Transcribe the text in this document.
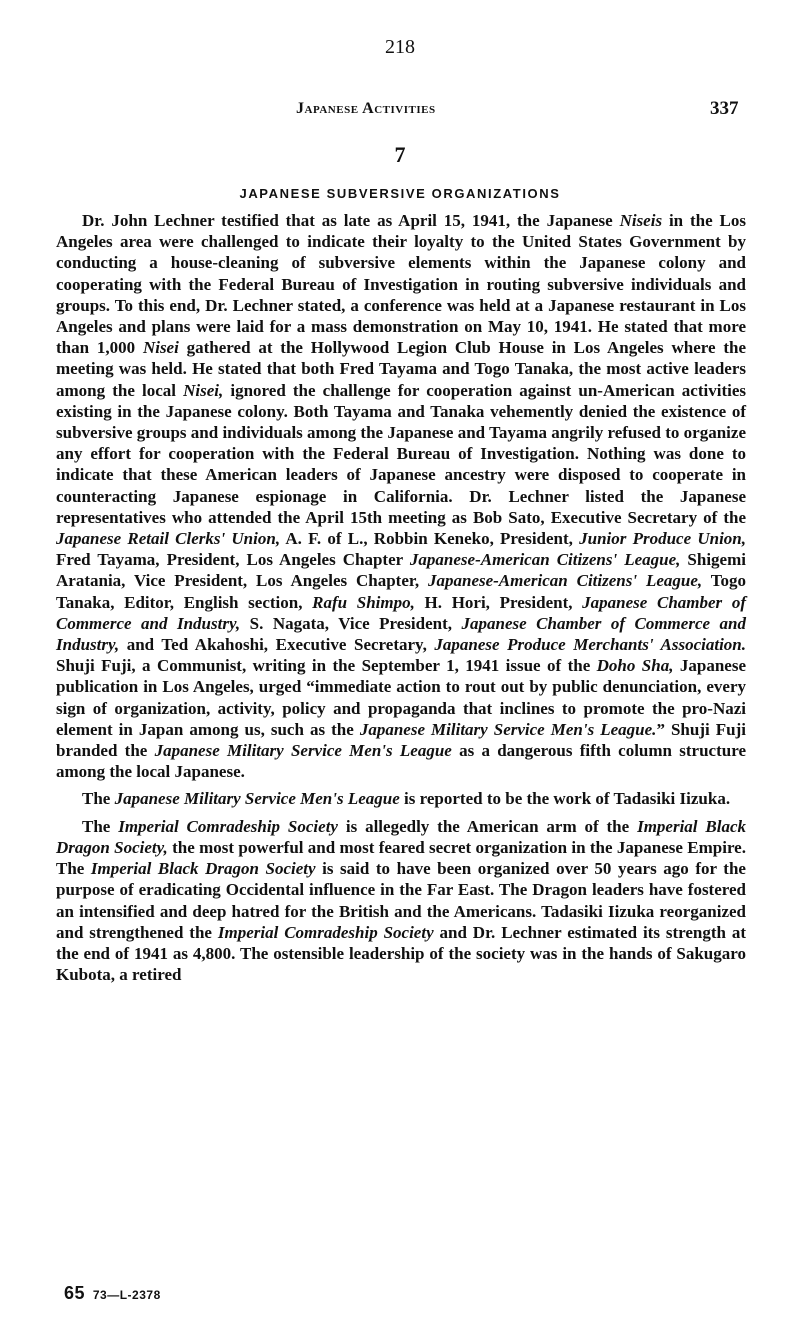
218
Japanese Activities	337
7
JAPANESE SUBVERSIVE ORGANIZATIONS

Dr. John Lechner testified that as late as April 15, 1941, the Japanese Niseis in the Los Angeles area were challenged to indicate their loyalty to the United States Government by conducting a house-cleaning of subversive elements within the Japanese colony and cooperating with the Federal Bureau of Investigation in routing subversive individuals and groups. To this end, Dr. Lechner stated, a conference was held at a Japanese restaurant in Los Angeles and plans were laid for a mass demonstration on May 10, 1941. He stated that more than 1,000 Nisei gathered at the Hollywood Legion Club House in Los Angeles where the meeting was held. He stated that both Fred Tayama and Togo Tanaka, the most active leaders among the local Nisei, ignored the challenge for cooperation against un-American activities existing in the Japanese colony. Both Tayama and Tanaka vehemently denied the existence of subversive groups and individuals among the Japanese and Tayama angrily refused to organize any effort for cooperation with the Federal Bureau of Investigation. Nothing was done to indicate that these American leaders of Japanese ancestry were disposed to cooperate in counteracting Japanese espionage in California. Dr. Lechner listed the Japanese representatives who attended the April 15th meeting as Bob Sato, Executive Secretary of the Japanese Retail Clerks' Union, A. F. of L., Robbin Keneko, President, Junior Produce Union, Fred Tayama, President, Los Angeles Chapter Japanese-American Citizens' League, Shigemi Aratania, Vice President, Los Angeles Chapter, Japanese-American Citizens' League, Togo Tanaka, Editor, English section, Rafu Shimpo, H. Hori, President, Japanese Chamber of Commerce and Industry, S. Nagata, Vice President, Japanese Chamber of Commerce and Industry, and Ted Akahoshi, Executive Secretary, Japanese Produce Merchants' Association. Shuji Fuji, a Communist, writing in the September 1, 1941 issue of the Doho Sha, Japanese publication in Los Angeles, urged “immediate action to rout out by public denunciation, every sign of organization, activity, policy and propaganda that inclines to promote the pro-Nazi element in Japan among us, such as the Japanese Military Service Men's League.” Shuji Fuji branded the Japanese Military Service Men's League as a dangerous fifth column structure among the local Japanese.

The Japanese Military Service Men's League is reported to be the work of Tadasiki Iizuka.

The Imperial Comradeship Society is allegedly the American arm of the Imperial Black Dragon Society, the most powerful and most feared secret organization in the Japanese Empire. The Imperial Black Dragon Society is said to have been organized over 50 years ago for the purpose of eradicating Occidental influence in the Far East. The Dragon leaders have fostered an intensified and deep hatred for the British and the Americans. Tadasiki Iizuka reorganized and strengthened the Imperial Comradeship Society and Dr. Lechner estimated its strength at the end of 1941 as 4,800. The ostensible leadership of the society was in the hands of Sakugaro Kubota, a retired

65 73—L-2378
